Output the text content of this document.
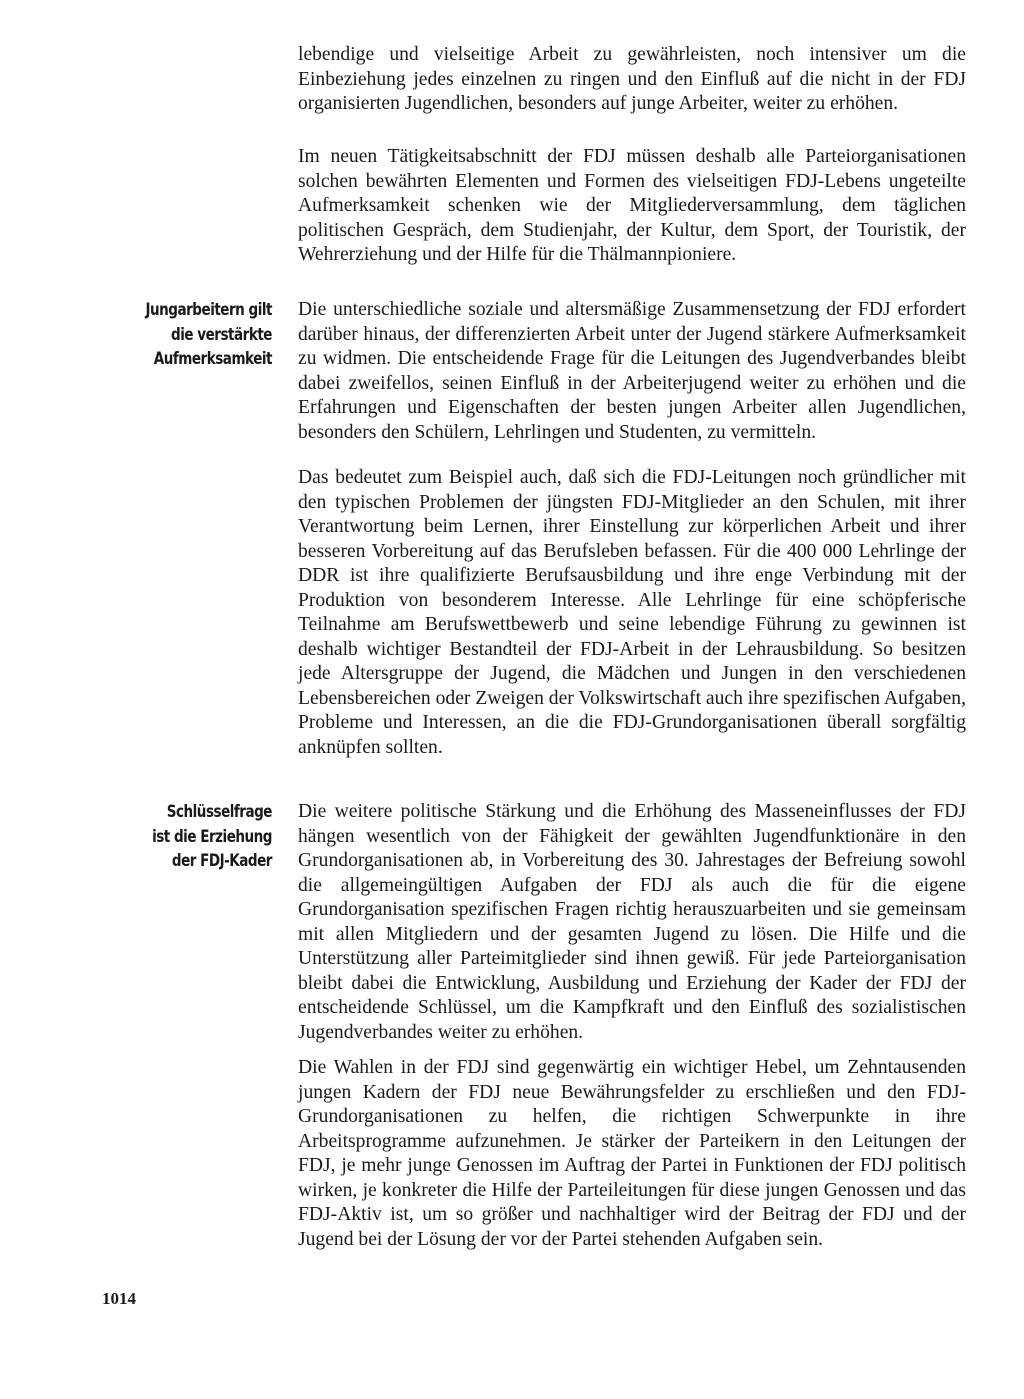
lebendige und vielseitige Arbeit zu gewährleisten, noch intensiver um die Einbeziehung jedes einzelnen zu ringen und den Einfluß auf die nicht in der FDJ organisierten Jugendlichen, besonders auf junge Arbeiter, weiter zu erhöhen.

Im neuen Tätigkeitsabschnitt der FDJ müssen deshalb alle Parteiorganisationen solchen bewährten Elementen und Formen des vielseitigen FDJ-Lebens ungeteilte Aufmerksamkeit schenken wie der Mitgliederversammlung, dem täglichen politischen Gespräch, dem Studienjahr, der Kultur, dem Sport, der Touristik, der Wehrerziehung und der Hilfe für die Thälmannpioniere.

Jungarbeitern gilt
die verstärkte
Aufmerksamkeit

Die unterschiedliche soziale und altersmäßige Zusammensetzung der FDJ erfordert darüber hinaus, der differenzierten Arbeit unter der Jugend stärkere Aufmerksamkeit zu widmen. Die entscheidende Frage für die Leitungen des Jugendverbandes bleibt dabei zweifellos, seinen Einfluß in der Arbeiterjugend weiter zu erhöhen und die Erfahrungen und Eigenschaften der besten jungen Arbeiter allen Jugendlichen, besonders den Schülern, Lehrlingen und Studenten, zu vermitteln.

Das bedeutet zum Beispiel auch, daß sich die FDJ-Leitungen noch gründlicher mit den typischen Problemen der jüngsten FDJ-Mitglieder an den Schulen, mit ihrer Verantwortung beim Lernen, ihrer Einstellung zur körperlichen Arbeit und ihrer besseren Vorbereitung auf das Berufsleben befassen. Für die 400 000 Lehrlinge der DDR ist ihre qualifizierte Berufsausbildung und ihre enge Verbindung mit der Produktion von besonderem Interesse. Alle Lehrlinge für eine schöpferische Teilnahme am Berufswettbewerb und seine lebendige Führung zu gewinnen ist deshalb wichtiger Bestandteil der FDJ-Arbeit in der Lehrausbildung. So besitzen jede Altersgruppe der Jugend, die Mädchen und Jungen in den verschiedenen Lebensbereichen oder Zweigen der Volkswirtschaft auch ihre spezifischen Aufgaben, Probleme und Interessen, an die die FDJ-Grundorganisationen überall sorgfältig anknüpfen sollten.

Schlüsselfrage
ist die Erziehung
der FDJ-Kader

Die weitere politische Stärkung und die Erhöhung des Masseneinflusses der FDJ hängen wesentlich von der Fähigkeit der gewählten Jugendfunktionäre in den Grundorganisationen ab, in Vorbereitung des 30. Jahrestages der Befreiung sowohl die allgemeingültigen Aufgaben der FDJ als auch die für die eigene Grundorganisation spezifischen Fragen richtig herauszuarbeiten und sie gemeinsam mit allen Mitgliedern und der gesamten Jugend zu lösen. Die Hilfe und die Unterstützung aller Parteimitglieder sind ihnen gewiß. Für jede Parteiorganisation bleibt dabei die Entwicklung, Ausbildung und Erziehung der Kader der FDJ der entscheidende Schlüssel, um die Kampfkraft und den Einfluß des sozialistischen Jugendverbandes weiter zu erhöhen.

Die Wahlen in der FDJ sind gegenwärtig ein wichtiger Hebel, um Zehntausenden jungen Kadern der FDJ neue Bewährungsfelder zu erschließen und den FDJ-Grundorganisationen zu helfen, die richtigen Schwerpunkte in ihre Arbeitsprogramme aufzunehmen. Je stärker der Parteikern in den Leitungen der FDJ, je mehr junge Genossen im Auftrag der Partei in Funktionen der FDJ politisch wirken, je konkreter die Hilfe der Parteileitungen für diese jungen Genossen und das FDJ-Aktiv ist, um so größer und nachhaltiger wird der Beitrag der FDJ und der Jugend bei der Lösung der vor der Partei stehenden Aufgaben sein.

1014
